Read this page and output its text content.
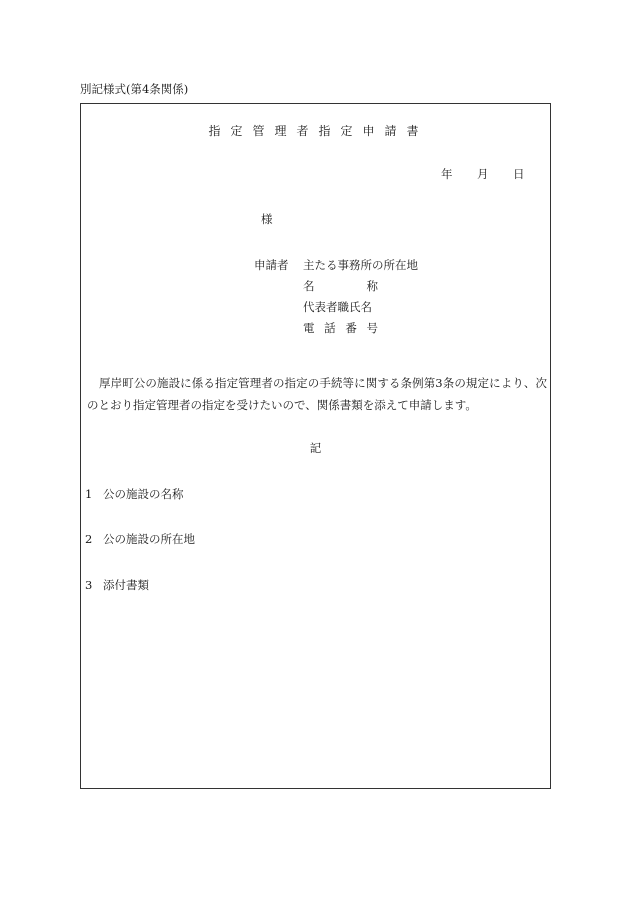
別記様式(第4条関係)
指定管理者指定申請書
年 月 日
様
申請者 主たる事務所の所在地
名	称
代表者職氏名
電 話 番 号
厚岸町公の施設に係る指定管理者の指定の手続等に関する条例第3条の規定により、次のとおり指定管理者の指定を受けたいので、関係書類を添えて申請します。
記
1 公の施設の名称
2 公の施設の所在地
3 添付書類
